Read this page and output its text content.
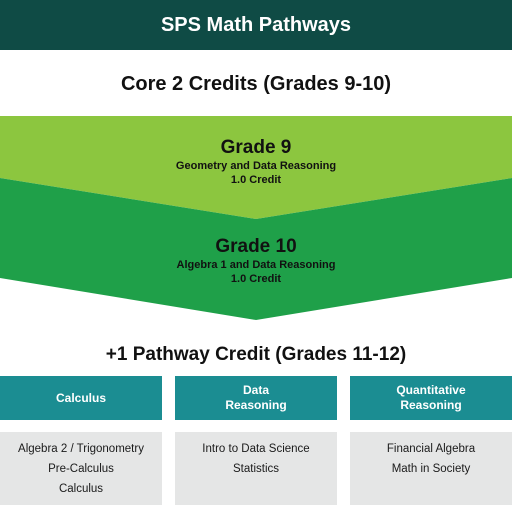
SPS Math Pathways
Core 2 Credits (Grades 9-10)
Grade 9
Geometry and Data Reasoning
1.0 Credit
Grade 10
Algebra 1 and Data Reasoning
1.0 Credit
+1 Pathway Credit (Grades 11-12)
Calculus
Algebra 2 / Trigonometry
Pre-Calculus
Calculus
Data
Reasoning
Intro to Data Science
Statistics
Quantitative
Reasoning
Financial Algebra
Math in Society
